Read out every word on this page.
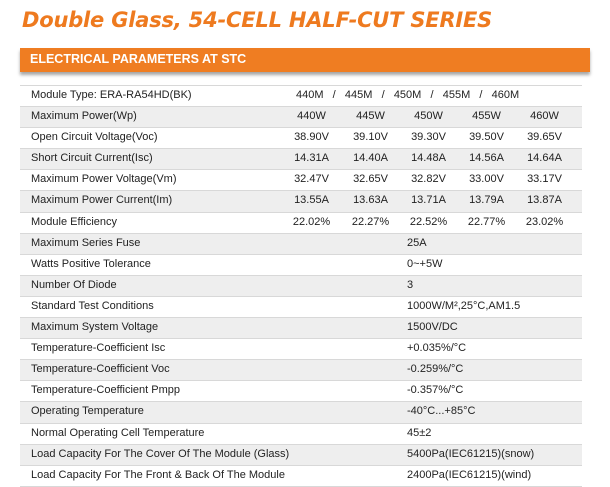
Double Glass, 54-CELL HALF-CUT SERIES
ELECTRICAL PARAMETERS AT STC
Module Type: ERA-RA54HD(BK)	440M   /   445M   /   450M   /   455M   /   460M
Maximum Power(Wp)	440W	445W	450W	455W	460W
Open Circuit Voltage(Voc)	38.90V	39.10V	39.30V	39.50V	39.65V
Short Circuit Current(Isc)	14.31A	14.40A	14.48A	14.56A	14.64A
Maximum Power Voltage(Vm)	32.47V	32.65V	32.82V	33.00V	33.17V
Maximum Power Current(Im)	13.55A	13.63A	13.71A	13.79A	13.87A
Module Efficiency	22.02%	22.27%	22.52%	22.77%	23.02%
Maximum Series Fuse	25A
Watts Positive Tolerance	0~+5W
Number Of Diode	3
Standard Test Conditions	1000W/M²,25°C,AM1.5
Maximum System Voltage	1500V/DC
Temperature-Coefficient Isc	+0.035%/°C
Temperature-Coefficient Voc	-0.259%/°C
Temperature-Coefficient Pmpp	-0.357%/°C
Operating Temperature	-40°C...+85°C
Normal Operating Cell Temperature	45±2
Load Capacity For The Cover Of The Module (Glass)	5400Pa(IEC61215)(snow)
Load Capacity For The Front & Back Of The Module	2400Pa(IEC61215)(wind)
